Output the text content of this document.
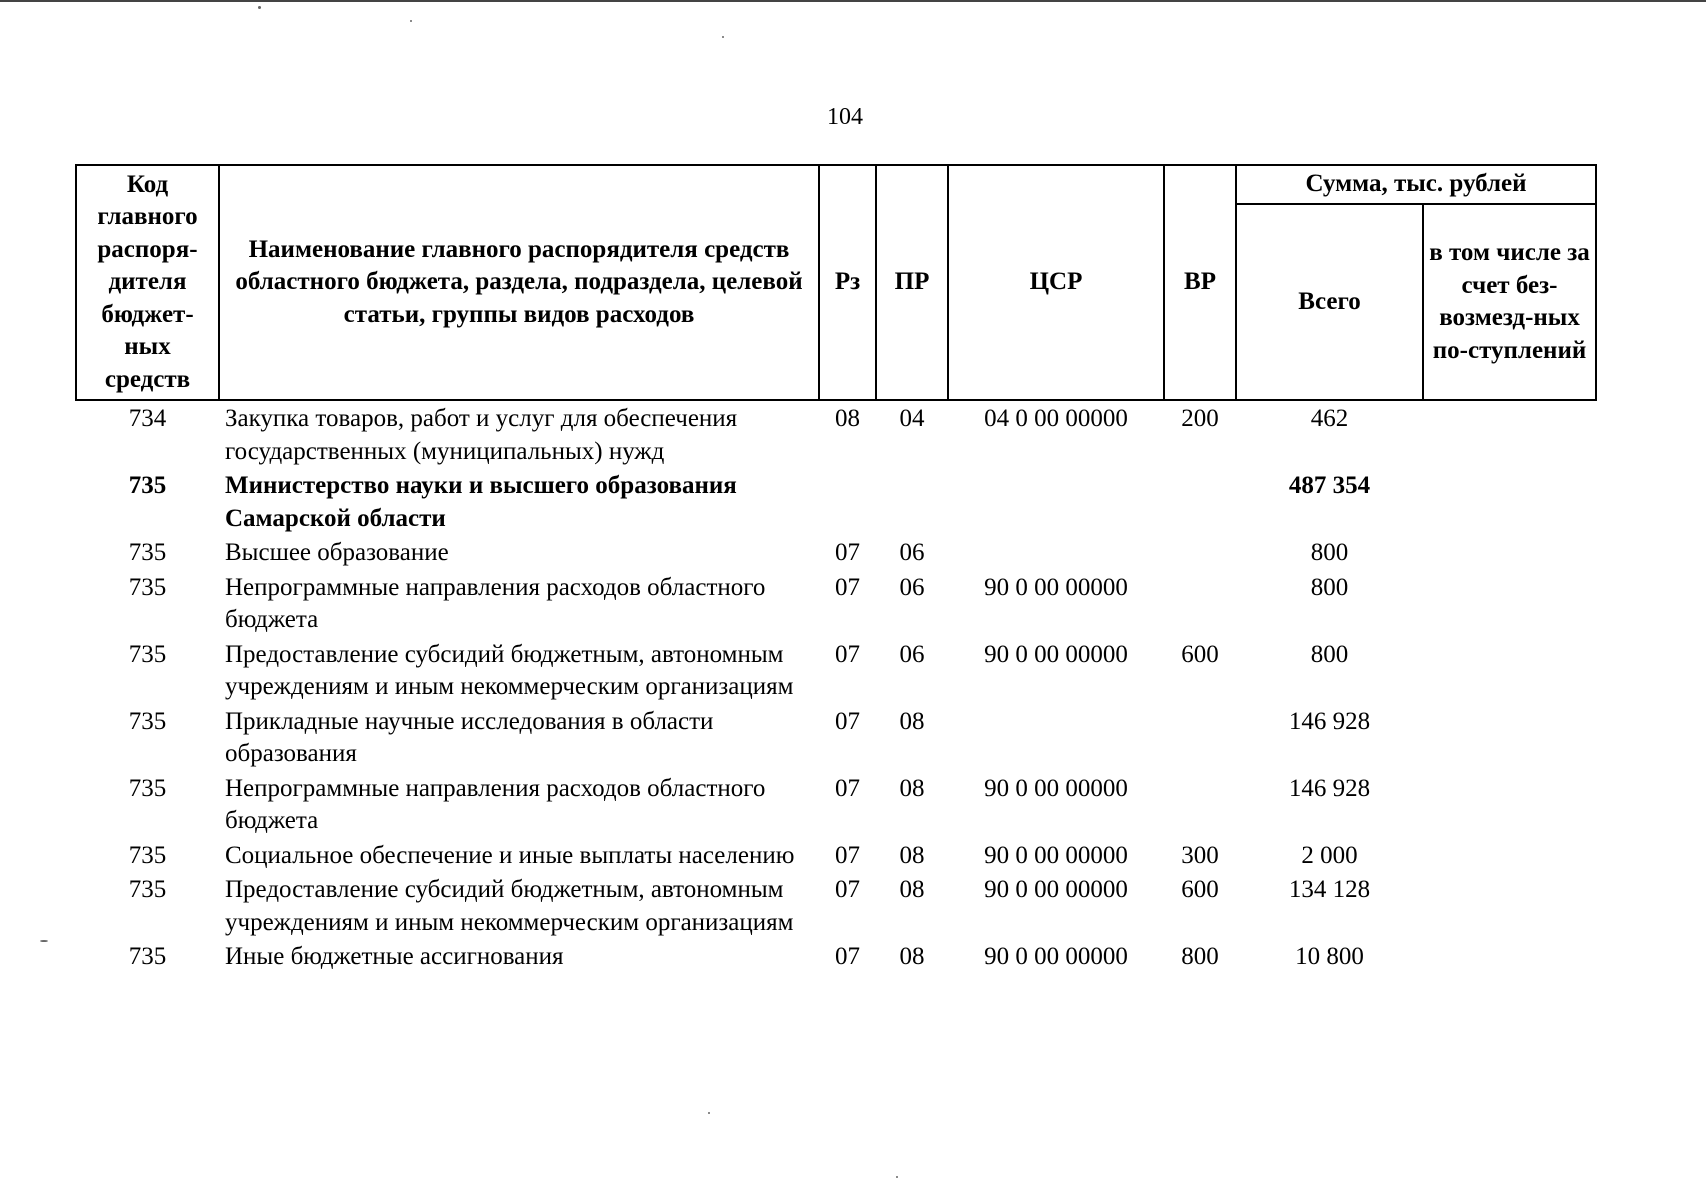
104
Код главного распоря-дителя бюджет-ных средств	Наименование главного распорядителя средств областного бюджета, раздела, подраздела, целевой статьи, группы видов расходов	Рз	ПР	ЦСР	ВР	Сумма, тыс. рублей	
						Всего	в том числе за счет без-возмезд-ных по-ступлений
734	Закупка товаров, работ и услуг для обеспечения государственных (муниципальных) нужд	08	04	04 0 00 00000	200	462	
735	Министерство науки и высшего образования Самарской области					487 354	
735	Высшее образование	07	06			800	
735	Непрограммные направления расходов областного бюджета	07	06	90 0 00 00000		800	
735	Предоставление субсидий бюджетным, автономным учреждениям и иным некоммерческим организациям	07	06	90 0 00 00000	600	800	
735	Прикладные научные исследования в области образования	07	08			146 928	
735	Непрограммные направления расходов областного бюджета	07	08	90 0 00 00000		146 928	
735	Социальное обеспечение и иные выплаты населению	07	08	90 0 00 00000	300	2 000	
735	Предоставление субсидий бюджетным, автономным учреждениям и иным некоммерческим организациям	07	08	90 0 00 00000	600	134 128	
735	Иные бюджетные ассигнования	07	08	90 0 00 00000	800	10 800	
